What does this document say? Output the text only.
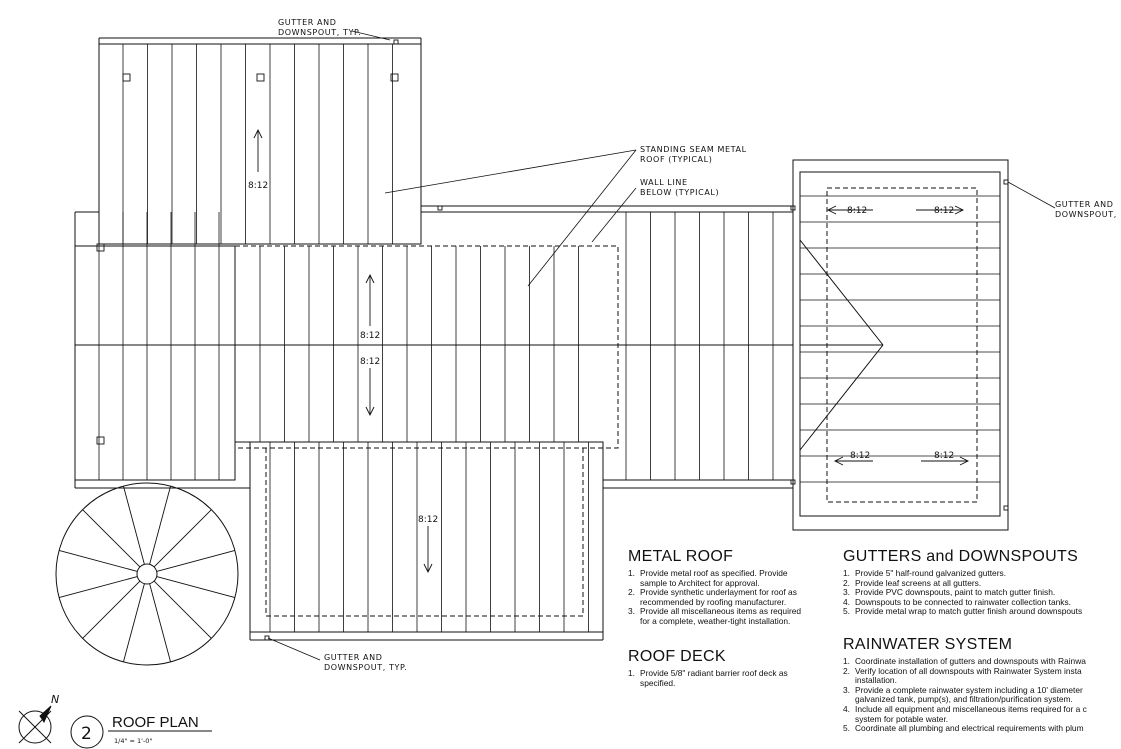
GUTTER AND DOWNSPOUT, TYP.
STANDING SEAM METAL ROOF (TYPICAL)
WALL LINE BELOW (TYPICAL)
GUTTER AND DOWNSPOUT,
GUTTER AND DOWNSPOUT, TYP.
8:12
8:12
8:12
8:12
8:12	8:12
8:12	8:12
N
2
ROOF PLAN
1/4" = 1'-0"
METAL ROOF
1. Provide metal roof as specified. Provide
sample to Architect for approval.
2. Provide synthetic underlayment for roof as
recommended by roofing manufacturer.
3. Provide all miscellaneous items as required
for a complete, weather-tight installation.
ROOF DECK
1. Provide 5/8" radiant barrier roof deck as
specified.
GUTTERS and DOWNSPOUTS
1. Provide 5" half-round galvanized gutters.
2. Provide leaf screens at all gutters.
3. Provide PVC downspouts, paint to match gutter finish.
4. Downspouts to be connected to rainwater collection tanks.
5. Provide metal wrap to match gutter finish around downspouts
RAINWATER SYSTEM
1. Coordinate installation of gutters and downspouts with Rainwa
2. Verify location of all downspouts with Rainwater System insta
installation.
3. Provide a complete rainwater system including a 10' diameter
galvanized tank, pump(s), and filtration/purification system.
4. Include all equipment and miscellaneous items required for a c
system for potable water.
5. Coordinate all plumbing and electrical requirements with plum
